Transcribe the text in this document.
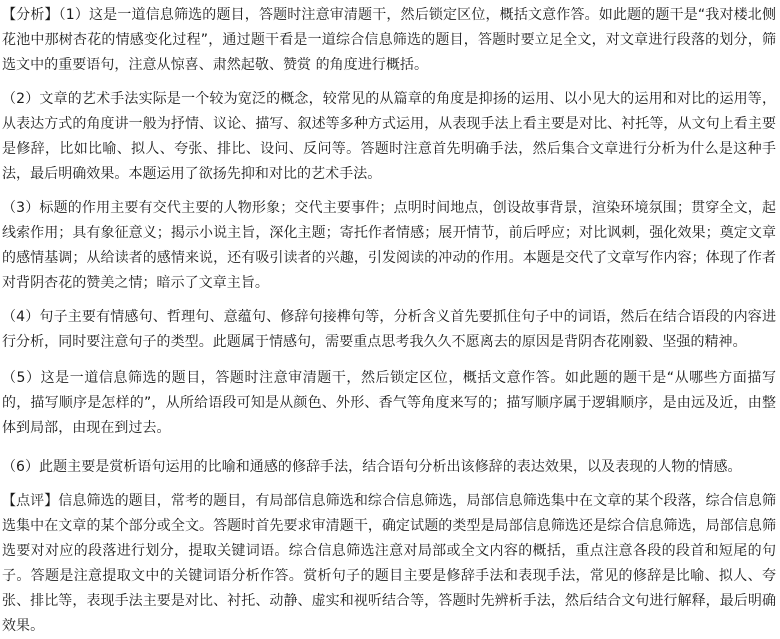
【分析】（1）这是一道信息筛选的题目，答题时注意审清题干，然后锁定区位，概括文意作答。如此题的题干是“我对楼北侧花池中那树杏花的情感变化过程”，通过题干看是一道综合信息筛选的题目，答题时要立足全文，对文章进行段落的划分，筛选文中的重要语句，注意从惊喜、肃然起敬、赞赏 的角度进行概括。

（2）文章的艺术手法实际是一个较为宽泛的概念，较常见的从篇章的角度是抑扬的运用、以小见大的运用和对比的运用等，从表达方式的角度讲一般为抒情、议论、描写、叙述等多种方式运用，从表现手法上看主要是对比、衬托等，从文句上看主要是修辞，比如比喻、拟人、夸张、排比、设问、反问等。答题时注意首先明确手法，然后集合文章进行分析为什么是这种手法，最后明确效果。本题运用了欲扬先抑和对比的艺术手法。

（3）标题的作用主要有交代主要的人物形象；交代主要事件；点明时间地点，创设故事背景，渲染环境氛围；贯穿全文，起线索作用；具有象征意义；揭示小说主旨，深化主题；寄托作者情感；展开情节，前后呼应；对比讽刺，强化效果；奠定文章的感情基调；从给读者的感情来说，还有吸引读者的兴趣，引发阅读的冲动的作用。本题是交代了文章写作内容；体现了作者对背阴杏花的赞美之情；暗示了文章主旨。

（4）句子主要有情感句、哲理句、意蕴句、修辞句接榫句等，分析含义首先要抓住句子中的词语，然后在结合语段的内容进行分析，同时要注意句子的类型。此题属于情感句，需要重点思考我久久不愿离去的原因是背阴杏花刚毅、坚强的精神。

（5）这是一道信息筛选的题目，答题时注意审清题干，然后锁定区位，概括文意作答。如此题的题干是“从哪些方面描写的，描写顺序是怎样的”，从所给语段可知是从颜色、外形、香气等角度来写的；描写顺序属于逻辑顺序，是由远及近，由整体到局部，由现在到过去。

（6）此题主要是赏析语句运用的比喻和通感的修辞手法，结合语句分析出该修辞的表达效果，以及表现的人物的情感。

【点评】信息筛选的题目，常考的题目，有局部信息筛选和综合信息筛选，局部信息筛选集中在文章的某个段落，综合信息筛选集中在文章的某个部分或全文。答题时首先要求审清题干，确定试题的类型是局部信息筛选还是综合信息筛选，局部信息筛选要对对应的段落进行划分，提取关键词语。综合信息筛选注意对局部或全文内容的概括，重点注意各段的段首和短尾的句子。答题是注意提取文中的关键词语分析作答。赏析句子的题目主要是修辞手法和表现手法，常见的修辞是比喻、拟人、夸张、排比等，表现手法主要是对比、衬托、动静、虚实和视听结合等，答题时先辨析手法，然后结合文句进行解释，最后明确效果。
